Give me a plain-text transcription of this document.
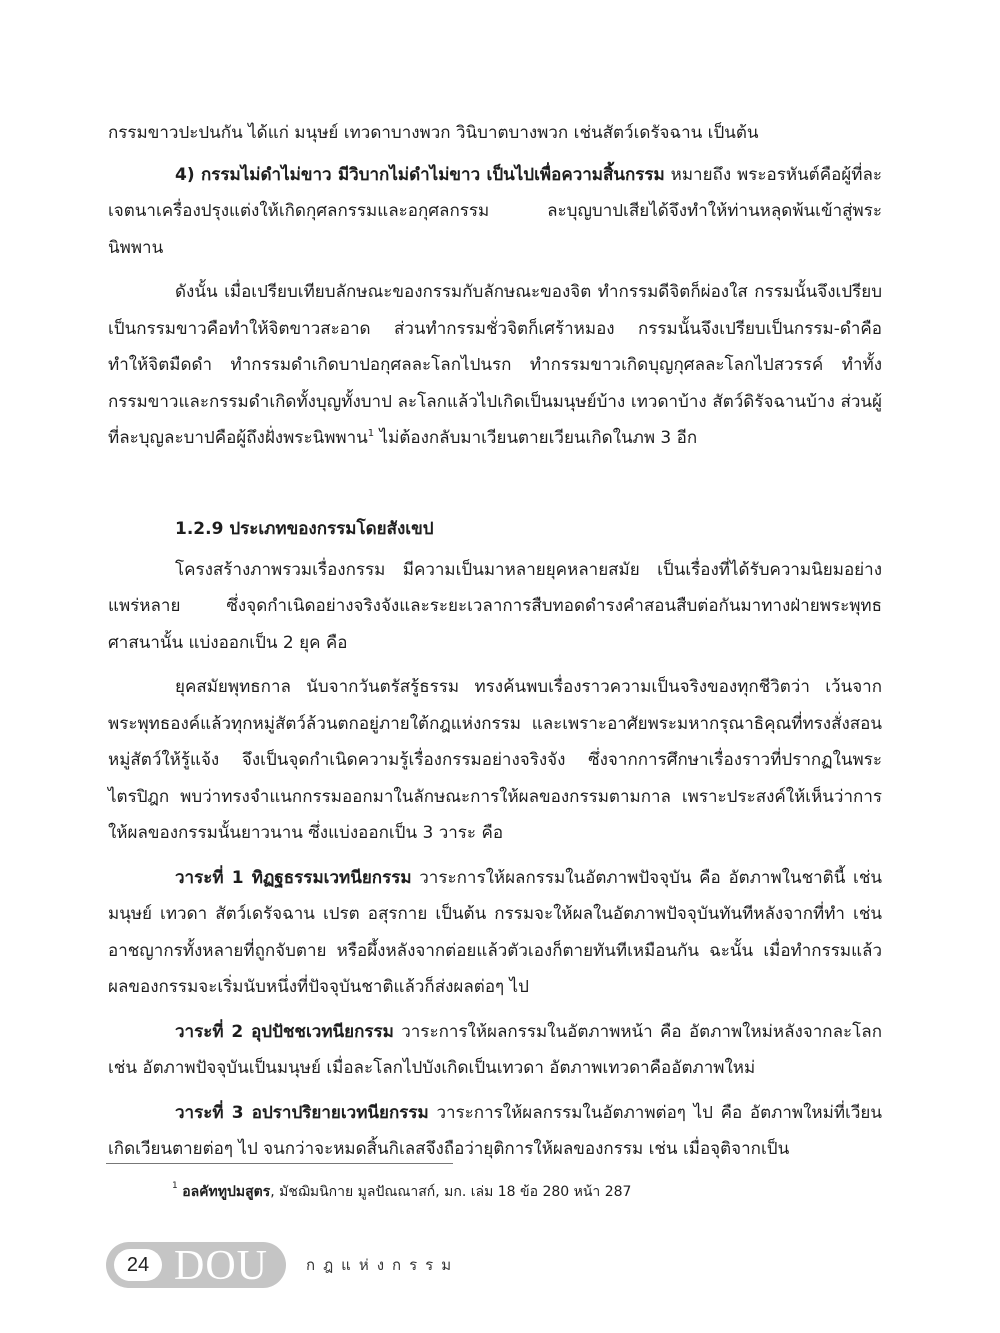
กรรมขาวปะปนกัน ได้แก่ มนุษย์ เทวดาบางพวก วินิบาตบางพวก เช่นสัตว์เดรัจฉาน เป็นต้น

4) กรรมไม่ดำไม่ขาว มีวิบากไม่ดำไม่ขาว เป็นไปเพื่อความสิ้นกรรม หมายถึง พระอรหันต์คือผู้ที่ละเจตนาเครื่องปรุงแต่งให้เกิดกุศลกรรมและอกุศลกรรม ละบุญบาปเสียได้จึงทำให้ท่านหลุดพ้นเข้าสู่พระนิพพาน

ดังนั้น เมื่อเปรียบเทียบลักษณะของกรรมกับลักษณะของจิต ทำกรรมดีจิตก็ผ่องใส กรรมนั้นจึงเปรียบเป็นกรรมขาวคือทำให้จิตขาวสะอาด ส่วนทำกรรมชั่วจิตก็เศร้าหมอง กรรมนั้นจึงเปรียบเป็นกรรม-ดำคือทำให้จิตมืดดำ ทำกรรมดำเกิดบาปอกุศลละโลกไปนรก ทำกรรมขาวเกิดบุญกุศลละโลกไปสวรรค์ ทำทั้งกรรมขาวและกรรมดำเกิดทั้งบุญทั้งบาป ละโลกแล้วไปเกิดเป็นมนุษย์บ้าง เทวดาบ้าง สัตว์ดิรัจฉานบ้าง ส่วนผู้ที่ละบุญละบาปคือผู้ถึงฝั่งพระนิพพาน$^1$ ไม่ต้องกลับมาเวียนตายเวียนเกิดในภพ 3 อีก

1.2.9 ประเภทของกรรมโดยสังเขป

โครงสร้างภาพรวมเรื่องกรรม มีความเป็นมาหลายยุคหลายสมัย เป็นเรื่องที่ได้รับความนิยมอย่างแพร่หลาย ซึ่งจุดกำเนิดอย่างจริงจังและระยะเวลาการสืบทอดดำรงคำสอนสืบต่อกันมาทางฝ่ายพระพุทธศาสนานั้น แบ่งออกเป็น 2 ยุค คือ

ยุคสมัยพุทธกาล นับจากวันตรัสรู้ธรรม ทรงค้นพบเรื่องราวความเป็นจริงของทุกชีวิตว่า เว้นจากพระพุทธองค์แล้วทุกหมู่สัตว์ล้วนตกอยู่ภายใต้กฎแห่งกรรม และเพราะอาศัยพระมหากรุณาธิคุณที่ทรงสั่งสอนหมู่สัตว์ให้รู้แจ้ง จึงเป็นจุดกำเนิดความรู้เรื่องกรรมอย่างจริงจัง ซึ่งจากการศึกษาเรื่องราวที่ปรากฏในพระไตรปิฎก พบว่าทรงจำแนกกรรมออกมาในลักษณะการให้ผลของกรรมตามกาล เพราะประสงค์ให้เห็นว่าการให้ผลของกรรมนั้นยาวนาน ซึ่งแบ่งออกเป็น 3 วาระ คือ

วาระที่ 1 ทิฏฐธรรมเวทนียกรรม วาระการให้ผลกรรมในอัตภาพปัจจุบัน คือ อัตภาพในชาตินี้ เช่น มนุษย์ เทวดา สัตว์เดรัจฉาน เปรต อสุรกาย เป็นต้น กรรมจะให้ผลในอัตภาพปัจจุบันทันทีหลังจากที่ทำ เช่น อาชญากรทั้งหลายที่ถูกจับตาย หรือผึ้งหลังจากต่อยแล้วตัวเองก็ตายทันทีเหมือนกัน ฉะนั้น เมื่อทำกรรมแล้ว ผลของกรรมจะเริ่มนับหนึ่งที่ปัจจุบันชาติแล้วก็ส่งผลต่อๆ ไป

วาระที่ 2 อุปปัชชเวทนียกรรม วาระการให้ผลกรรมในอัตภาพหน้า คือ อัตภาพใหม่หลังจากละโลก เช่น อัตภาพปัจจุบันเป็นมนุษย์ เมื่อละโลกไปบังเกิดเป็นเทวดา อัตภาพเทวดาคืออัตภาพใหม่

วาระที่ 3 อปราปริยายเวทนียกรรม วาระการให้ผลกรรมในอัตภาพต่อๆ ไป คือ อัตภาพใหม่ที่เวียนเกิดเวียนตายต่อๆ ไป จนกว่าจะหมดสิ้นกิเลสจึงถือว่ายุติการให้ผลของกรรม เช่น เมื่อจุติจากเป็น

$^1$ อลคัททูปมสูตร, มัชฌิมนิกาย มูลปัณณาสก์, มก. เล่ม 18 ข้อ 280 หน้า 287
24 DOU	กฎแห่งกรรม
